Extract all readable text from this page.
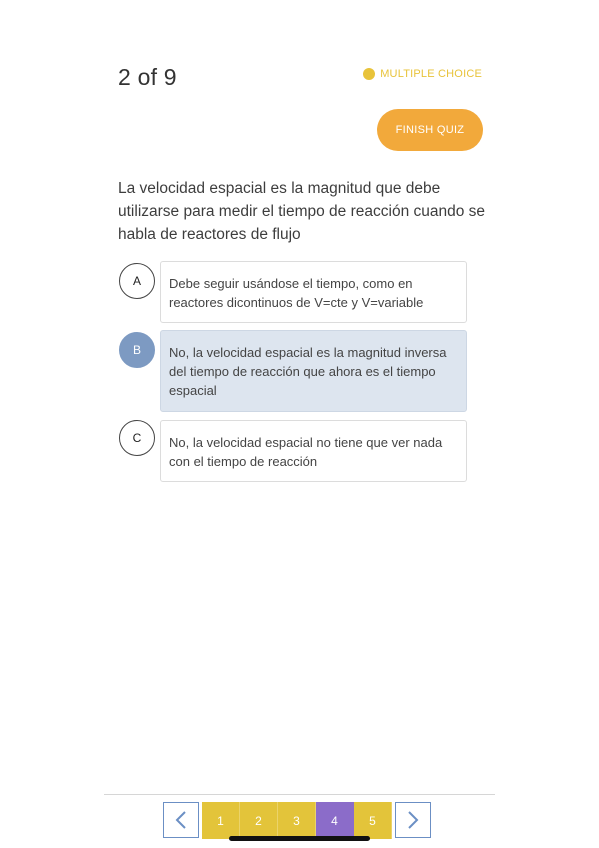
2 of 9	MULTIPLE CHOICE
FINISH QUIZ
La velocidad espacial es la magnitud que debe utilizarse para medir el tiempo de reacción cuando se habla de reactores de flujo
A	Debe seguir usándose el tiempo, como en reactores dicontinuos de V=cte y V=variable
B	No, la velocidad espacial es la magnitud inversa del tiempo de reacción que ahora es el tiempo espacial
C	No, la velocidad espacial no tiene que ver nada con el tiempo de reacción
1	2	3	4	5
